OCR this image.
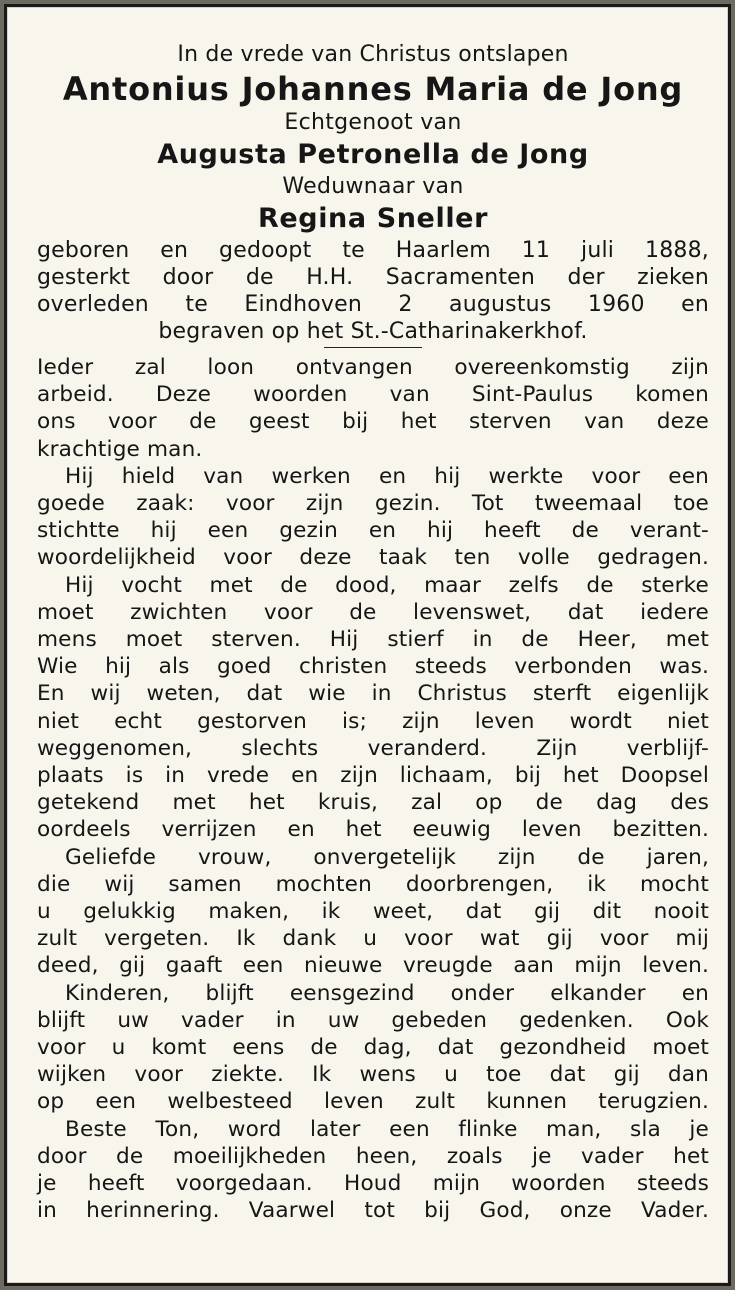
In de vrede van Christus ontslapen
Antonius Johannes Maria de Jong
Echtgenoot van
Augusta Petronella de Jong
Weduwnaar van
Regina Sneller
geboren en gedoopt te Haarlem 11 juli 1888,
gesterkt door de H.H. Sacramenten der zieken
overleden te Eindhoven 2 augustus 1960 en
begraven op het St.-Catharinakerkhof.
Ieder zal loon ontvangen overeenkomstig zijn
arbeid. Deze woorden van Sint-Paulus komen
ons voor de geest bij het sterven van deze
krachtige man.
Hij hield van werken en hij werkte voor een
goede zaak: voor zijn gezin. Tot tweemaal toe
stichtte hij een gezin en hij heeft de verant-
woordelijkheid voor deze taak ten volle gedragen.
Hij vocht met de dood, maar zelfs de sterke
moet zwichten voor de levenswet, dat iedere
mens moet sterven. Hij stierf in de Heer, met
Wie hij als goed christen steeds verbonden was.
En wij weten, dat wie in Christus sterft eigenlijk
niet echt gestorven is; zijn leven wordt niet
weggenomen, slechts veranderd. Zijn verblijf-
plaats is in vrede en zijn lichaam, bij het Doopsel
getekend met het kruis, zal op de dag des
oordeels verrijzen en het eeuwig leven bezitten.
Geliefde vrouw, onvergetelijk zijn de jaren,
die wij samen mochten doorbrengen, ik mocht
u gelukkig maken, ik weet, dat gij dit nooit
zult vergeten. Ik dank u voor wat gij voor mij
deed, gij gaaft een nieuwe vreugde aan mijn leven.
Kinderen, blijft eensgezind onder elkander en
blijft uw vader in uw gebeden gedenken. Ook
voor u komt eens de dag, dat gezondheid moet
wijken voor ziekte. Ik wens u toe dat gij dan
op een welbesteed leven zult kunnen terugzien.
Beste Ton, word later een flinke man, sla je
door de moeilijkheden heen, zoals je vader het
je heeft voorgedaan. Houd mijn woorden steeds
in herinnering. Vaarwel tot bij God, onze Vader.
